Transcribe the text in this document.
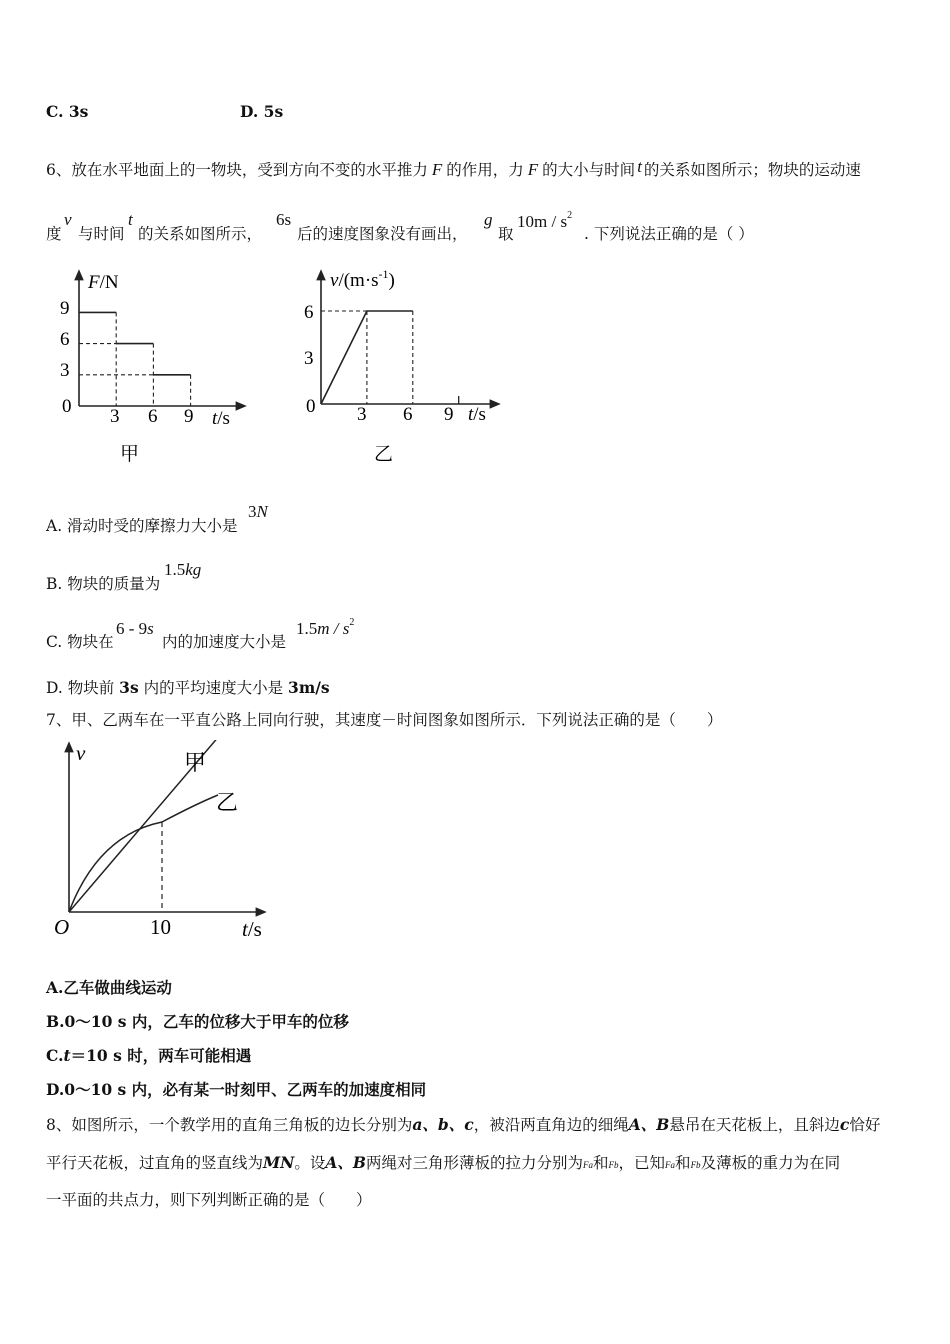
C. 3s	D. 5s
6、放在水平地面上的一物块，受到方向不变的水平推力 F 的作用，力 F 的大小与时间 t 的关系如图所示；物块的运动速
度
v
与时间
t
的关系如图所示，
6s
后的速度图象没有画出，
g
取
$10m / s^2$
. 下列说法正确的是（ ）
F/N
t/s
0
9
6
3
3 6 9
甲
$v/(m\cdot s^{-1})$
t/s
0
6
3
3 6 9
乙
A. 滑动时受的摩擦力大小是
3N
B. 物块的质量为
1.5kg
C. 物块在
6 - 9s
内的加速度大小是
$1.5m / s^2$
D. 物块前 3s 内的平均速度大小是 3m/s
7、甲、乙两车在一平直公路上同向行驶，其速度－时间图象如图所示．下列说法正确的是（　　）
v	甲
乙
O	10	t/s
A.乙车做曲线运动
B.0～10 s 内，乙车的位移大于甲车的位移
C.t＝10 s 时，两车可能相遇
D.0～10 s 内，必有某一时刻甲、乙两车的加速度相同
8、如图所示，一个教学用的直角三角板的边长分别为a、b、c，被沿两直角边的细绳A、B悬吊在天花板上，且斜边c恰好
平行天花板，过直角的竖直线为MN。设A、B两绳对三角形薄板的拉力分别为Fa和Fb，已知Fa和Fb及薄板的重力为在同
一平面的共点力，则下列判断正确的是（　　）
